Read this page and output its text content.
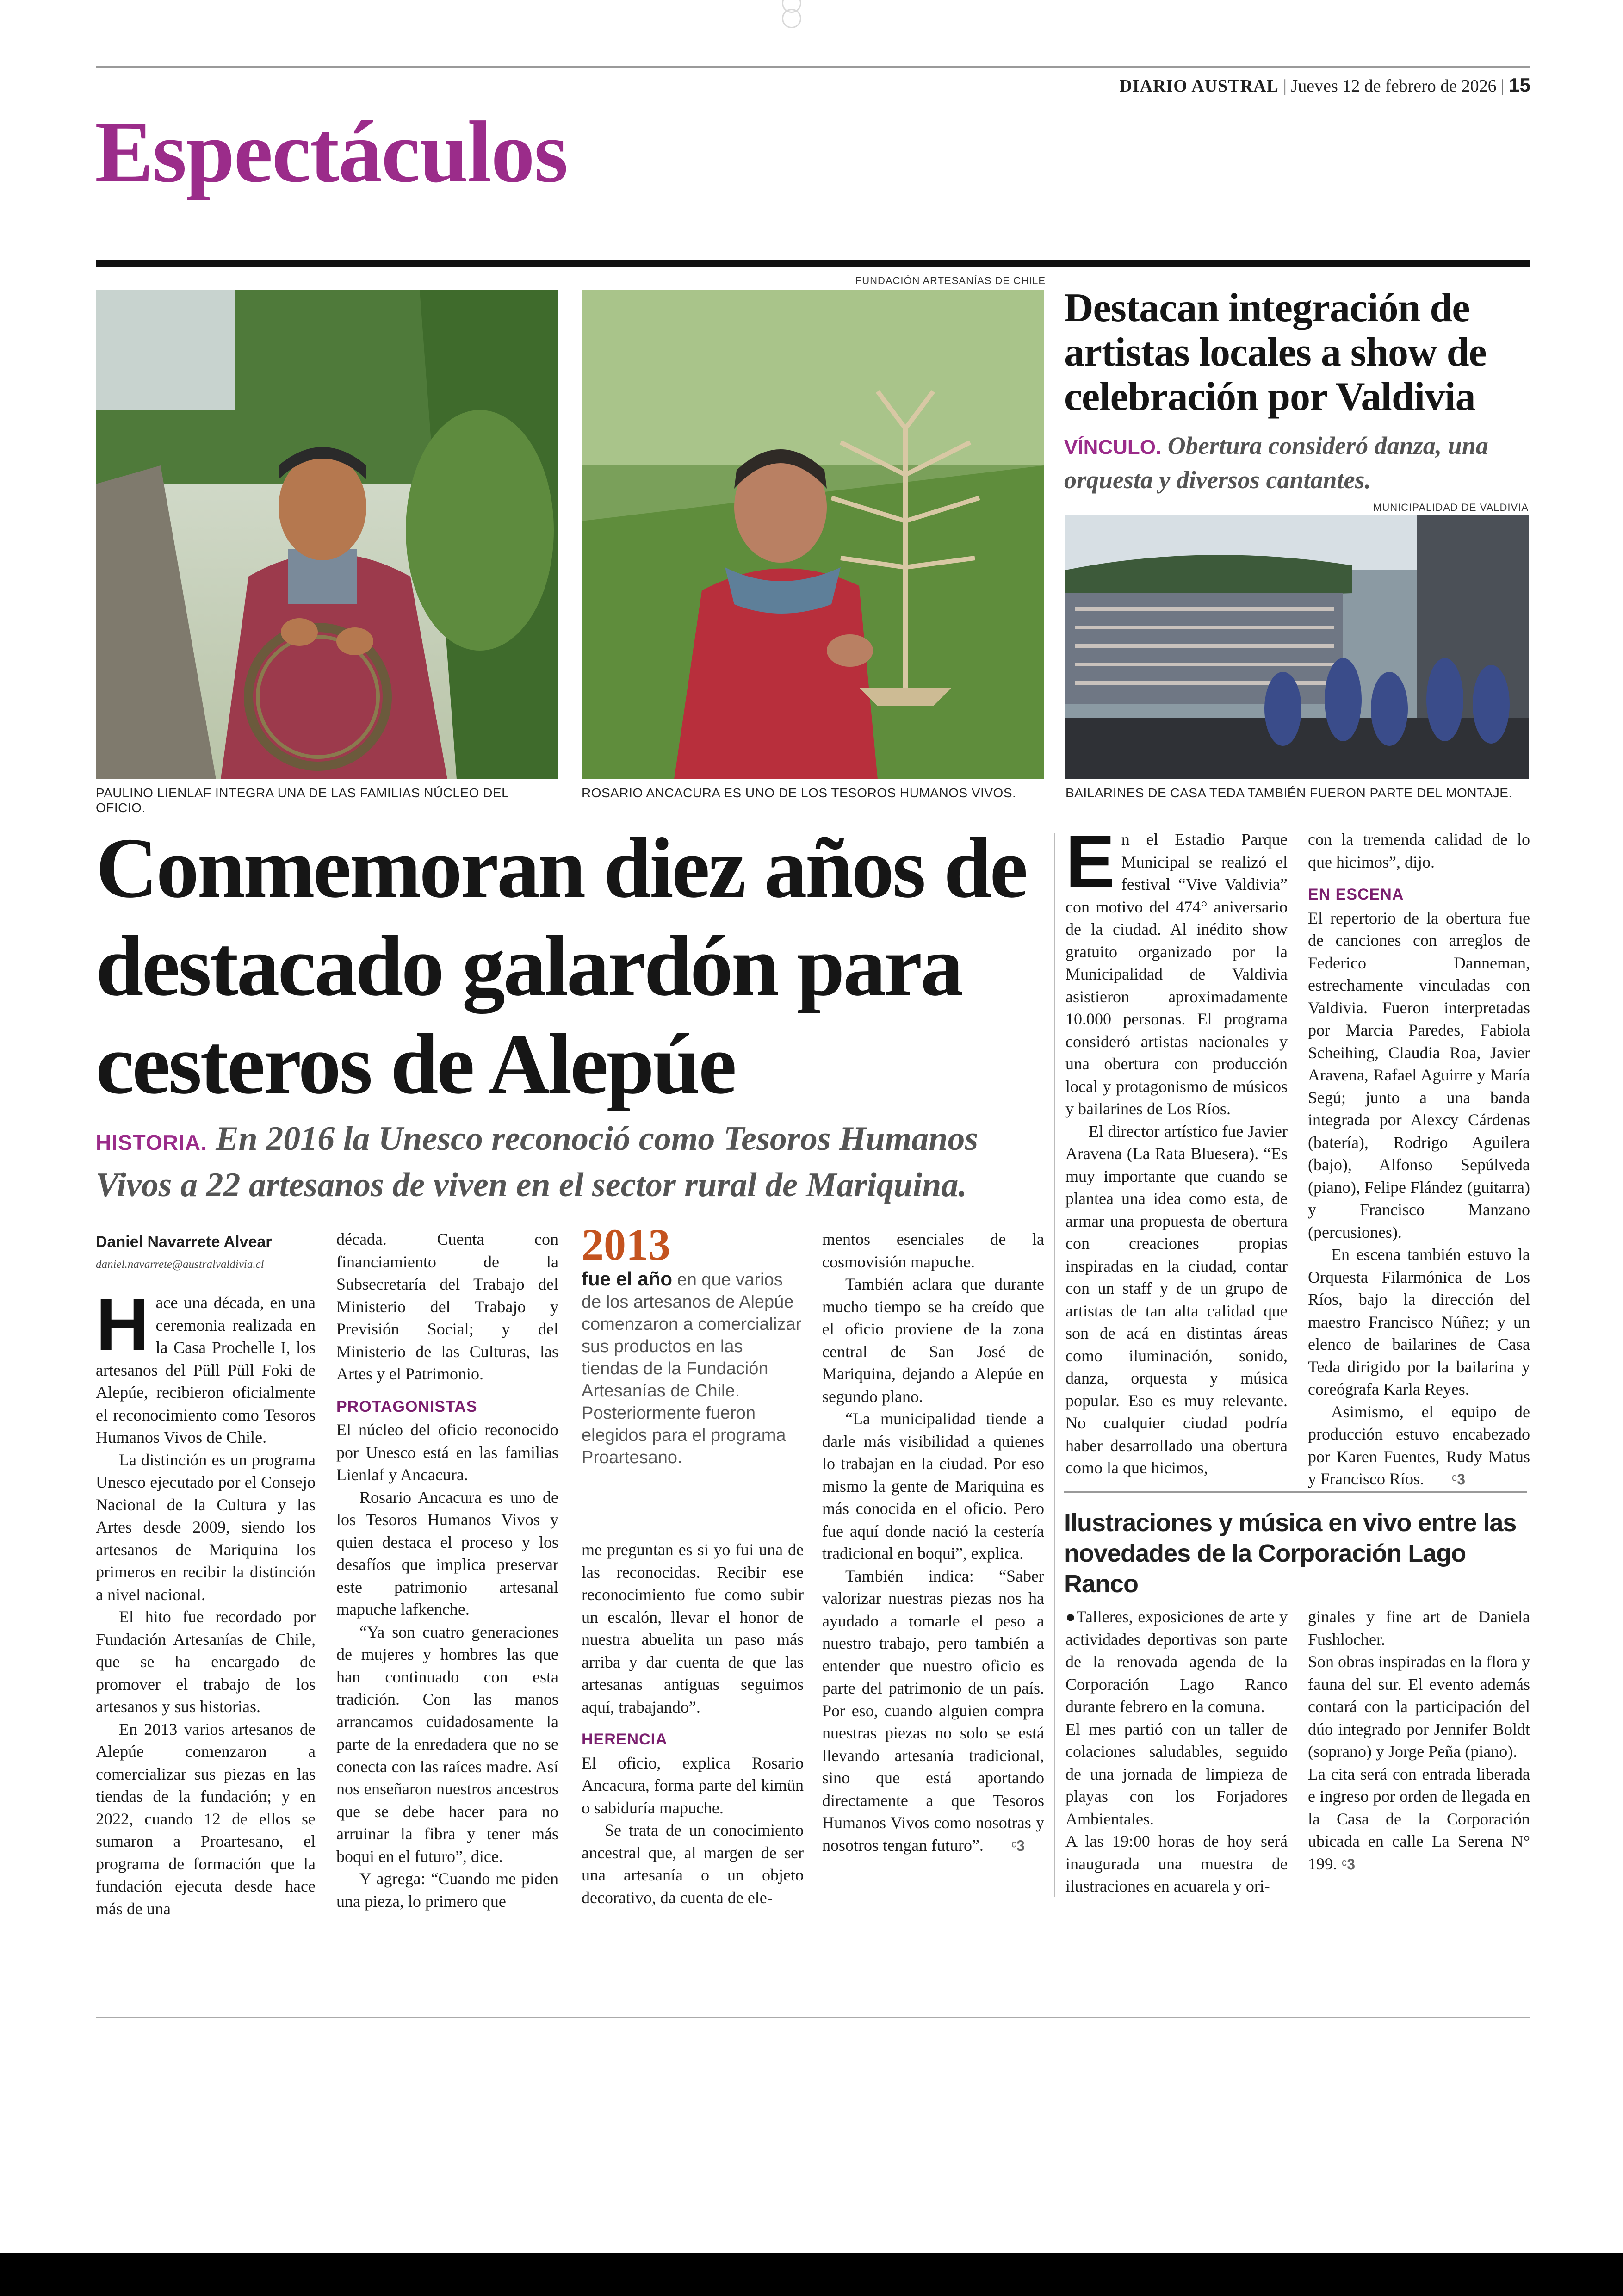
DIARIO AUSTRAL | Jueves 12 de febrero de 2026 | 15
Espectáculos
FUNDACIÓN ARTESANÍAS DE CHILE
PAULINO LIENLAF INTEGRA UNA DE LAS FAMILIAS NÚCLEO DEL OFICIO.
ROSARIO ANCACURA ES UNO DE LOS TESOROS HUMANOS VIVOS.
Destacan integración de artistas locales a show de celebración por Valdivia
VÍNCULO. Obertura consideró danza, una orquesta y diversos cantantes.
MUNICIPALIDAD DE VALDIVIA
BAILARINES DE CASA TEDA TAMBIÉN FUERON PARTE DEL MONTAJE.
Conmemoran diez años de destacado galardón para cesteros de Alepúe
HISTORIA. En 2016 la Unesco reconoció como Tesoros Humanos Vivos a 22 artesanos de viven en el sector rural de Mariquina.
Daniel Navarrete Alvear
daniel.navarrete@australvaldivia.cl

Hace una década, en una ceremonia realizada en la Casa Prochelle I, los artesanos del Püll Püll Foki de Alepúe, recibieron oficialmente el reconocimiento como Tesoros Humanos Vivos de Chile.

La distinción es un programa Unesco ejecutado por el Consejo Nacional de la Cultura y las Artes desde 2009, siendo los artesanos de Mariquina los primeros en recibir la distinción a nivel nacional.

El hito fue recordado por Fundación Artesanías de Chile, que se ha encargado de promover el trabajo de los artesanos y sus historias.

En 2013 varios artesanos de Alepúe comenzaron a comercializar sus piezas en las tiendas de la fundación; y en 2022, cuando 12 de ellos se sumaron a Proartesano, el programa de formación que la fundación ejecuta desde hace más de una

década. Cuenta con financiamiento de la Subsecretaría del Trabajo del Ministerio del Trabajo y Previsión Social; y del Ministerio de las Culturas, las Artes y el Patrimonio.

PROTAGONISTAS

El núcleo del oficio reconocido por Unesco está en las familias Lienlaf y Ancacura.

Rosario Ancacura es uno de los Tesoros Humanos Vivos y quien destaca el proceso y los desafíos que implica preservar este patrimonio artesanal mapuche lafkenche.

“Ya son cuatro generaciones de mujeres y hombres las que han continuado con esta tradición. Con las manos arrancamos cuidadosamente la parte de la enredadera que no se conecta con las raíces madre. Así nos enseñaron nuestros ancestros que se debe hacer para no arruinar la fibra y tener más boqui en el futuro”, dice.

Y agrega: “Cuando me piden una pieza, lo primero que

2013
fue el año en que varios de los artesanos de Alepúe comenzaron a comercializar sus productos en las tiendas de la Fundación Artesanías de Chile. Posteriormente fueron elegidos para el programa Proartesano.

me preguntan es si yo fui una de las reconocidas. Recibir ese reconocimiento fue como subir un escalón, llevar el honor de nuestra abuelita un paso más arriba y dar cuenta de que las artesanas antiguas seguimos aquí, trabajando”.

HERENCIA

El oficio, explica Rosario Ancacura, forma parte del kimün o sabiduría mapuche.

Se trata de un conocimiento ancestral que, al margen de ser una artesanía o un objeto decorativo, da cuenta de ele-

mentos esenciales de la cosmovisión mapuche.

También aclara que durante mucho tiempo se ha creído que el oficio proviene de la zona central de San José de Mariquina, dejando a Alepúe en segundo plano.

“La municipalidad tiende a darle más visibilidad a quienes lo trabajan en la ciudad. Por eso mismo la gente de Mariquina es más conocida en el oficio. Pero fue aquí donde nació la cestería tradicional en boqui”, explica.

También indica: “Saber valorizar nuestras piezas nos ha ayudado a tomarle el peso a nuestro trabajo, pero también a entender que nuestro oficio es parte del patrimonio de un país. Por eso, cuando alguien compra nuestras piezas no solo se está llevando artesanía tradicional, sino que está aportando directamente a que Tesoros Humanos Vivos como nosotras y nosotros tengan futuro”. ᶜ𝟑

En el Estadio Parque Municipal se realizó el festival “Vive Valdivia” con motivo del 474° aniversario de la ciudad. Al inédito show gratuito organizado por la Municipalidad de Valdivia asistieron aproximadamente 10.000 personas. El programa consideró artistas nacionales y una obertura con producción local y protagonismo de músicos y bailarines de Los Ríos.

El director artístico fue Javier Aravena (La Rata Bluesera). “Es muy importante que cuando se plantea una idea como esta, de armar una propuesta de obertura con creaciones propias inspiradas en la ciudad, contar con un staff y de un grupo de artistas de tan alta calidad que son de acá en distintas áreas como iluminación, sonido, danza, orquesta y música popular. Eso es muy relevante. No cualquier ciudad podría haber desarrollado una obertura como la que hicimos,

con la tremenda calidad de lo que hicimos”, dijo.

EN ESCENA

El repertorio de la obertura fue de canciones con arreglos de Federico Danneman, estrechamente vinculadas con Valdivia. Fueron interpretadas por Marcia Paredes, Fabiola Scheihing, Claudia Roa, Javier Aravena, Rafael Aguirre y María Segú; junto a una banda integrada por Alexcy Cárdenas (batería), Rodrigo Aguilera (bajo), Alfonso Sepúlveda (piano), Felipe Flández (guitarra) y Francisco Manzano (percusiones).

En escena también estuvo la Orquesta Filarmónica de Los Ríos, bajo la dirección del maestro Francisco Núñez; y un elenco de bailarines de Casa Teda dirigido por la bailarina y coreógrafa Karla Reyes.

Asimismo, el equipo de producción estuvo encabezado por Karen Fuentes, Rudy Matus y Francisco Ríos. ᶜ𝟑

Ilustraciones y música en vivo entre las novedades de la Corporación Lago Ranco

●Talleres, exposiciones de arte y actividades deportivas son parte de la renovada agenda de la Corporación Lago Ranco durante febrero en la comuna.

El mes partió con un taller de colaciones saludables, seguido de una jornada de limpieza de playas con los Forjadores Ambientales.

A las 19:00 horas de hoy será inaugurada una muestra de ilustraciones en acuarela y ori-

ginales y fine art de Daniela Fushlocher.

Son obras inspiradas en la flora y fauna del sur. El evento además contará con la participación del dúo integrado por Jennifer Boldt (soprano) y Jorge Peña (piano).

La cita será con entrada liberada e ingreso por orden de llegada en la Casa de la Corporación ubicada en calle La Serena N° 199. ᶜ𝟑
